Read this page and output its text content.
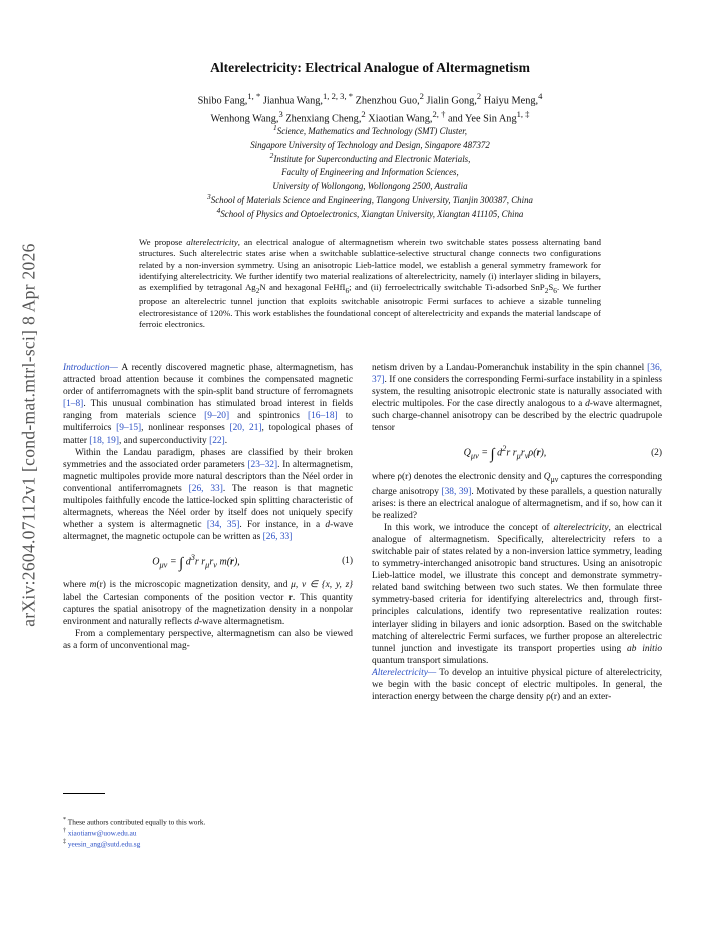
arXiv:2604.07112v1 [cond-mat.mtrl-sci] 8 Apr 2026
Alterelectricity: Electrical Analogue of Altermagnetism
Shibo Fang,$^{1, *}$ Jianhua Wang,$^{1, 2, 3, *}$ Zhenzhou Guo,$^2$ Jialin Gong,$^2$ Haiyu Meng,$^4$
Wenhong Wang,$^3$ Zhenxiang Cheng,$^2$ Xiaotian Wang,$^{2, \dagger}$ and Yee Sin Ang$^{1, \ddagger}$
$^1$Science, Mathematics and Technology (SMT) Cluster,
Singapore University of Technology and Design, Singapore 487372
$^2$Institute for Superconducting and Electronic Materials,
Faculty of Engineering and Information Sciences,
University of Wollongong, Wollongong 2500, Australia
$^3$School of Materials Science and Engineering, Tiangong University, Tianjin 300387, China
$^4$School of Physics and Optoelectronics, Xiangtan University, Xiangtan 411105, China
We propose alterelectricity, an electrical analogue of altermagnetism wherein two switchable states possess alternating band structures. Such alterelectric states arise when a switchable sublattice-selective structural change connects two configurations related by a non-inversion symmetry. Using an anisotropic Lieb-lattice model, we establish a general symmetry framework for identifying alterelectricity. We further identify two material realizations of alterelectricity, namely (i) interlayer sliding in bilayers, as exemplified by tetragonal $Ag_2N$ and hexagonal FeHfI$_6$; and (ii) ferroelectrically switchable Ti-adsorbed $SnP_2S_6$. We further propose an alterelectric tunnel junction that exploits switchable anisotropic Fermi surfaces to achieve a sizable tunneling electroresistance of 120%. This work establishes the foundational concept of alterelectricity and expands the material landscape of ferroic electronics.

Introduction— A recently discovered magnetic phase, altermagnetism, has attracted broad attention because it combines the compensated magnetic order of antiferromagnets with the spin-split band structure of ferromagnets [1–8]. This unusual combination has stimulated broad interest in fields ranging from materials science [9–20] and spintronics [16–18] to multiferroics [9–15], nonlinear responses [20, 21], topological phases of matter [18, 19], and superconductivity [22].

Within the Landau paradigm, phases are classified by their broken symmetries and the associated order parameters [23–32]. In altermagnetism, magnetic multipoles provide more natural descriptors than the Néel order in conventional antiferromagnets [26, 33]. The reason is that magnetic multipoles faithfully encode the lattice-locked spin splitting characteristic of altermagnets, whereas the Néel order by itself does not uniquely specify whether a system is altermagnetic [34, 35]. For instance, in a d-wave altermagnet, the magnetic octupole can be written as [26, 33]

$O_{\mu\nu}$ = ∫ $d^3r$ $r_\mu r_\nu$ m(r),	(1)

where m(r) is the microscopic magnetization density, and μ, ν ∈ {x, y, z} label the Cartesian components of the position vector r. This quantity captures the spatial anisotropy of the magnetization density in a nonpolar environment and naturally reflects d-wave altermagnetism.

From a complementary perspective, altermagnetism can also be viewed as a form of unconventional mag-

netism driven by a Landau-Pomeranchuk instability in the spin channel [36, 37]. If one considers the corresponding Fermi-surface instability in a spinless system, the resulting anisotropic electronic state is naturally associated with electric multipoles. For the case directly analogous to a d-wave altermagnet, such charge-channel anisotropy can be described by the electric quadrupole tensor

$Q_{\mu\nu}$ = ∫ $d^2r$ $r_\mu r_\nu\rho(r)$,	(2)

where ρ(r) denotes the electronic density and $Q_{\mu\nu}$ captures the corresponding charge anisotropy [38, 39]. Motivated by these parallels, a question naturally arises: is there an electrical analogue of altermagnetism, and if so, how can it be realized?

In this work, we introduce the concept of alterelectricity, an electrical analogue of altermagnetism. Specifically, alterelectricity refers to a switchable pair of states related by a non-inversion lattice symmetry, leading to symmetry-interchanged anisotropic band structures. Using an anisotropic Lieb-lattice model, we illustrate this concept and demonstrate symmetry-related band switching between two such states. We then formulate three symmetry-based criteria for identifying alterelectrics and, through first-principles calculations, identify two representative realization routes: interlayer sliding in bilayers and ionic adsorption. Based on the switchable matching of alterelectric Fermi surfaces, we further propose an alterelectric tunnel junction and investigate its transport properties using ab initio quantum transport simulations.

Alterelectricity— To develop an intuitive physical picture of alterelectricity, we begin with the basic concept of electric multipoles. In general, the interaction energy between the charge density ρ(r) and an exter-

* These authors contributed equally to this work.
† xiaotianw@uow.edu.au
‡ yeesin_ang@sutd.edu.sg
